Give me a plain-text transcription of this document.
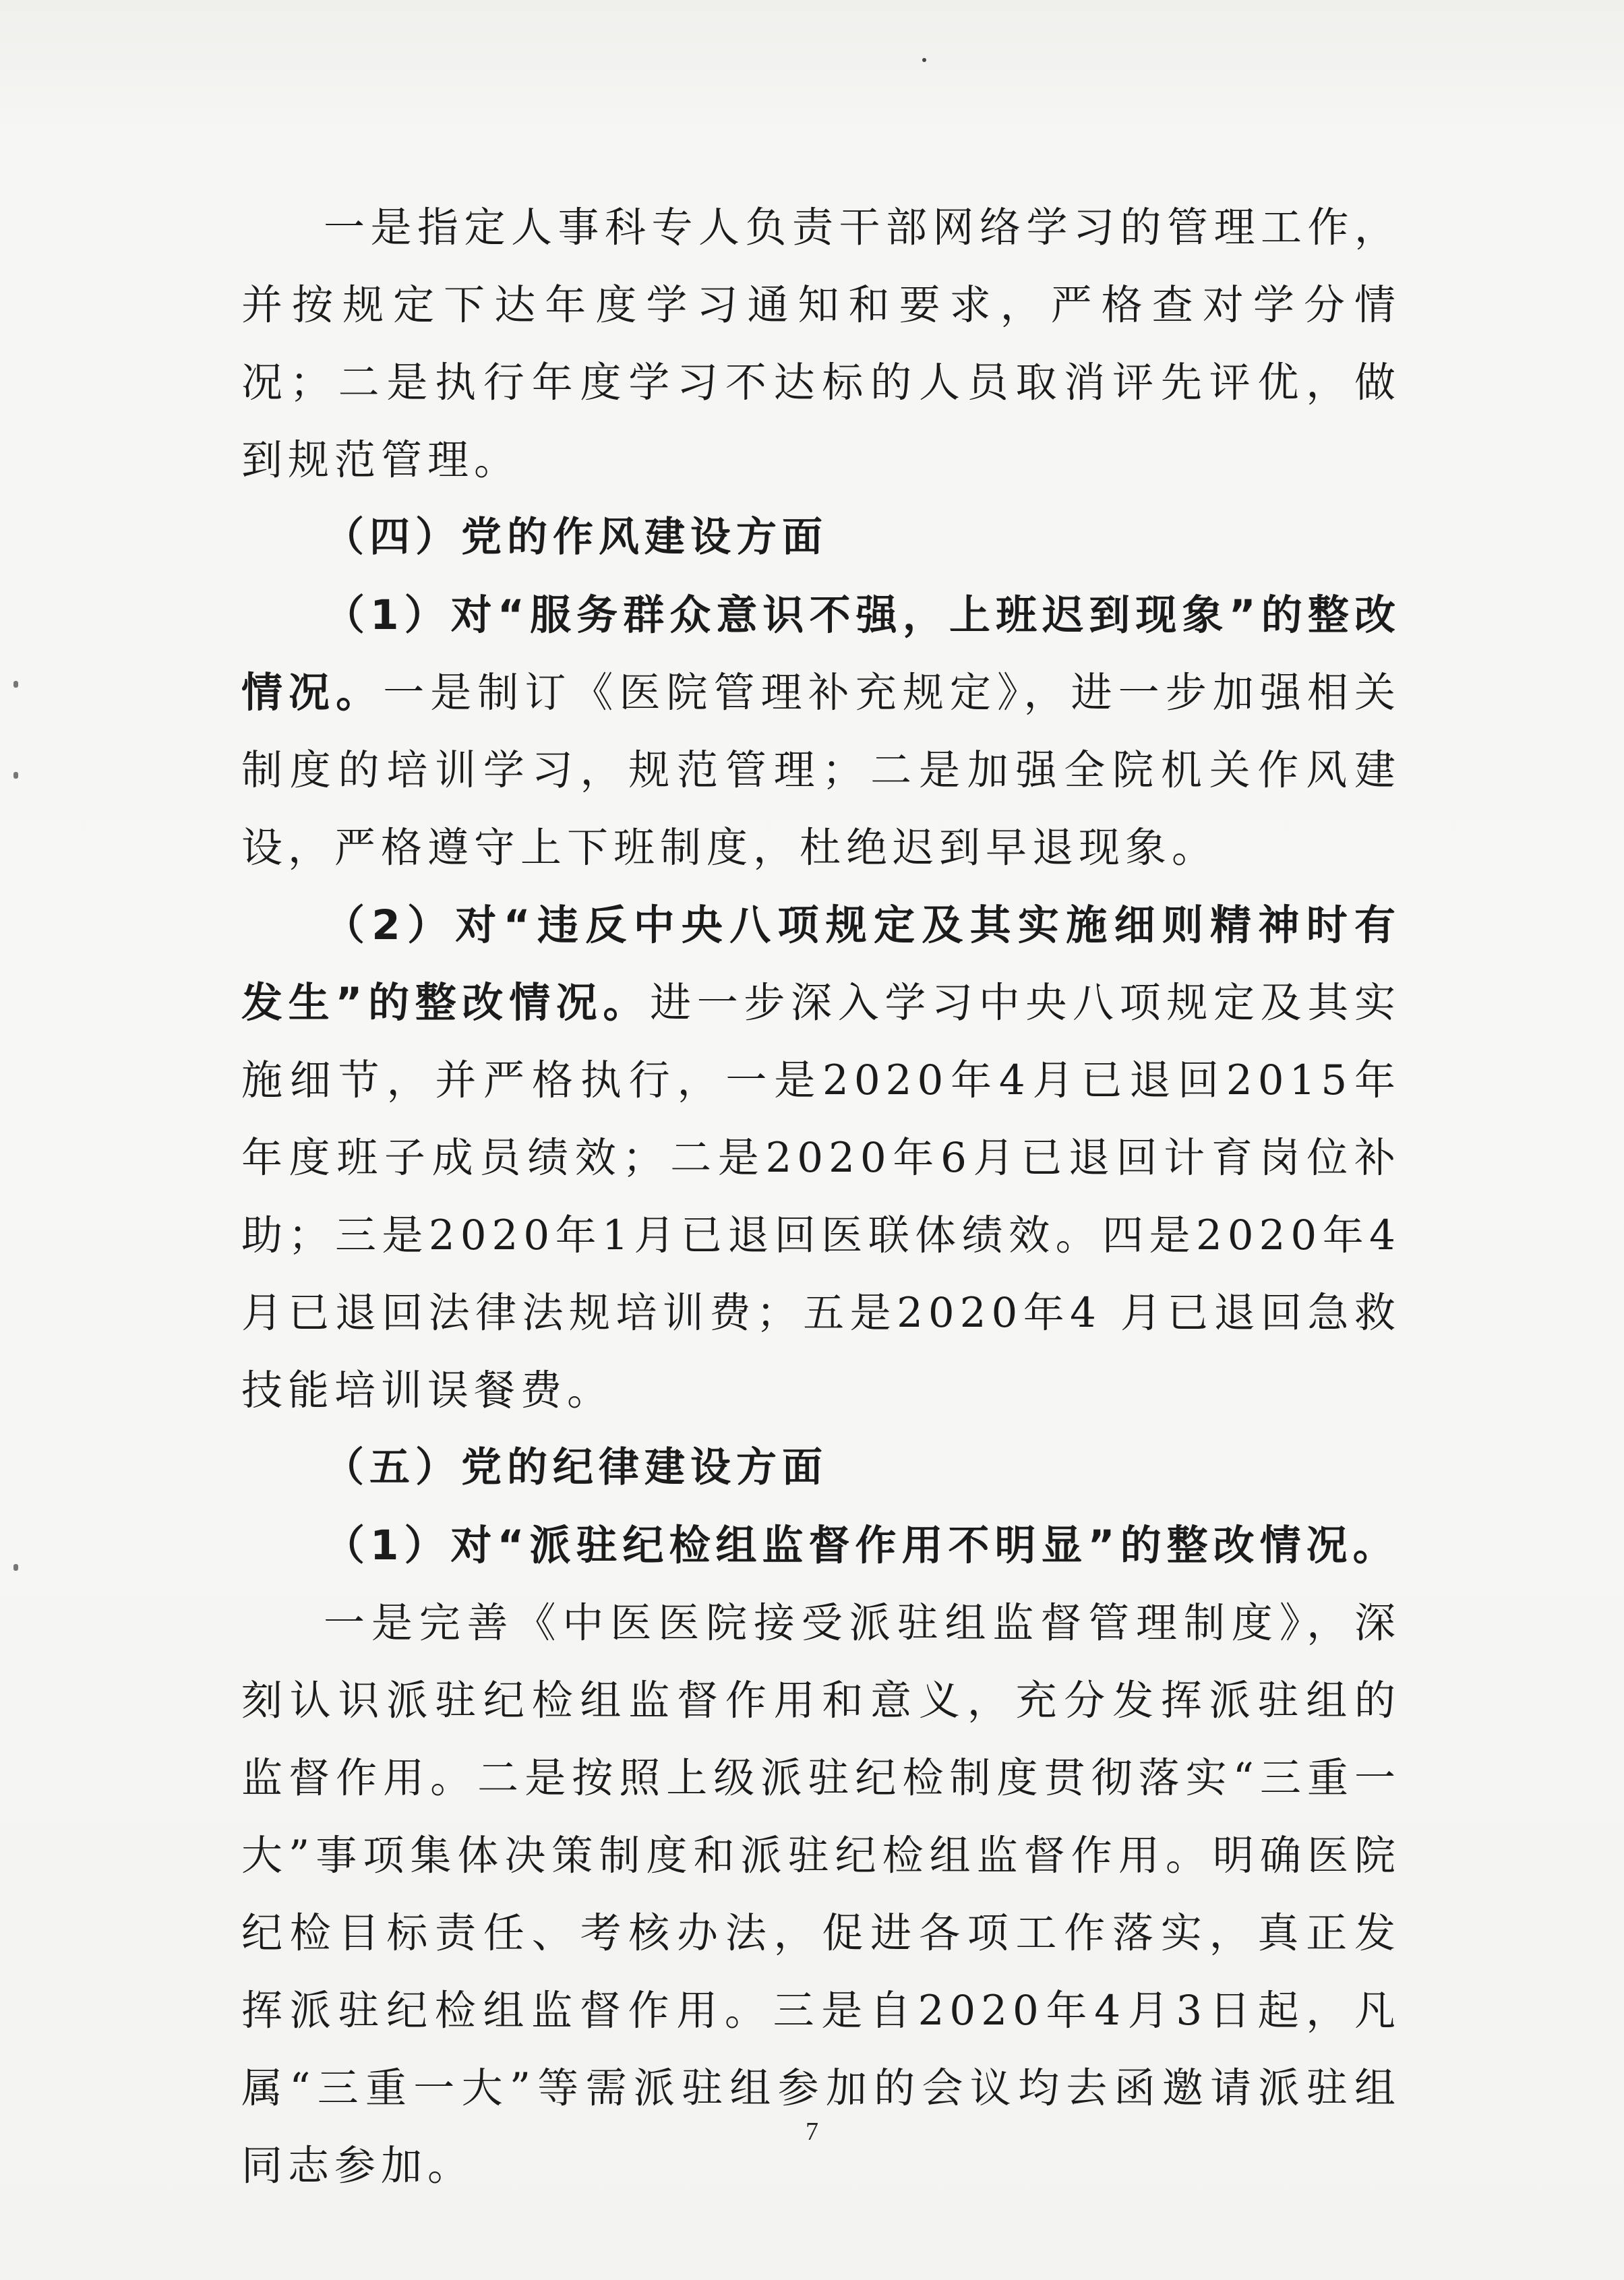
一是指定人事科专人负责干部网络学习的管理工作，并按规定下达年度学习通知和要求，严格查对学分情况；二是执行年度学习不达标的人员取消评先评优，做到规范管理。

（四）党的作风建设方面

（1）对“服务群众意识不强，上班迟到现象”的整改情况。一是制订《医院管理补充规定》，进一步加强相关制度的培训学习，规范管理；二是加强全院机关作风建设，严格遵守上下班制度，杜绝迟到早退现象。

（2）对“违反中央八项规定及其实施细则精神时有发生”的整改情况。进一步深入学习中央八项规定及其实施细节，并严格执行，一是2020年4月已退回2015年年度班子成员绩效；二是2020年6月已退回计育岗位补助；三是2020年1月已退回医联体绩效。四是2020年4月已退回法律法规培训费；五是2020年4 月已退回急救技能培训误餐费。

（五）党的纪律建设方面

（1）对“派驻纪检组监督作用不明显”的整改情况。

一是完善《中医医院接受派驻组监督管理制度》，深刻认识派驻纪检组监督作用和意义，充分发挥派驻组的监督作用。二是按照上级派驻纪检制度贯彻落实“三重一大”事项集体决策制度和派驻纪检组监督作用。明确医院纪检目标责任、考核办法，促进各项工作落实，真正发挥派驻纪检组监督作用。三是自2020年4月3日起，凡属“三重一大”等需派驻组参加的会议均去函邀请派驻组同志参加。

7
